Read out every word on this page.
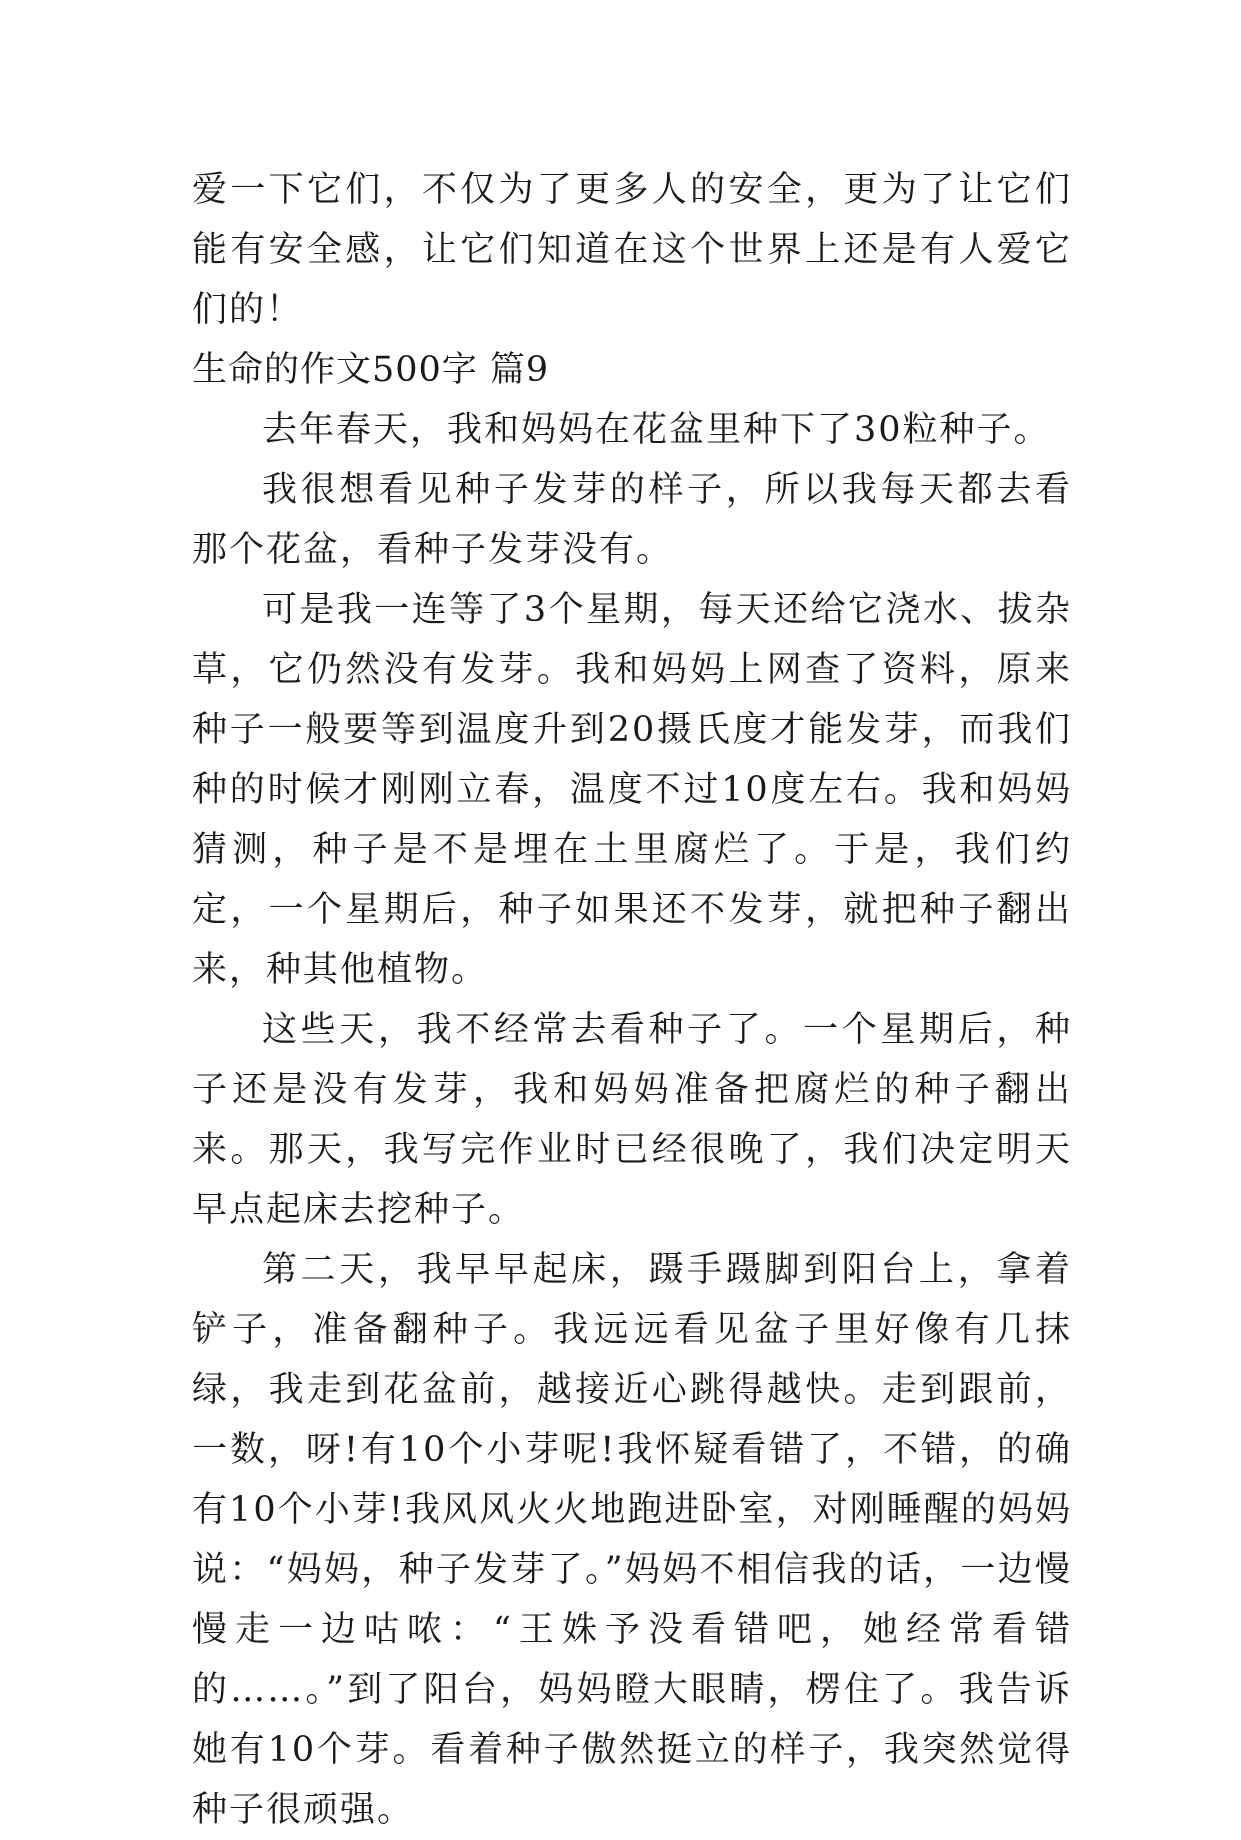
爱一下它们，不仅为了更多人的安全，更为了让它们能有安全感，让它们知道在这个世界上还是有人爱它们的！

生命的作文500字 篇9

去年春天，我和妈妈在花盆里种下了30粒种子。

我很想看见种子发芽的样子，所以我每天都去看那个花盆，看种子发芽没有。

可是我一连等了3个星期，每天还给它浇水、拔杂草，它仍然没有发芽。我和妈妈上网查了资料，原来种子一般要等到温度升到20摄氏度才能发芽，而我们种的时候才刚刚立春，温度不过10度左右。我和妈妈猜测，种子是不是埋在土里腐烂了。于是，我们约定，一个星期后，种子如果还不发芽，就把种子翻出来，种其他植物。

这些天，我不经常去看种子了。一个星期后，种子还是没有发芽，我和妈妈准备把腐烂的种子翻出来。那天，我写完作业时已经很晚了，我们决定明天早点起床去挖种子。

第二天，我早早起床，蹑手蹑脚到阳台上，拿着铲子，准备翻种子。我远远看见盆子里好像有几抹绿，我走到花盆前，越接近心跳得越快。走到跟前，一数，呀!有10个小芽呢!我怀疑看错了，不错，的确有10个小芽!我风风火火地跑进卧室，对刚睡醒的妈妈说：“妈妈，种子发芽了。”妈妈不相信我的话，一边慢慢走一边咕哝：“王姝予没看错吧，她经常看错的……。”到了阳台，妈妈瞪大眼睛，楞住了。我告诉她有10个芽。看着种子傲然挺立的样子，我突然觉得种子很顽强。
